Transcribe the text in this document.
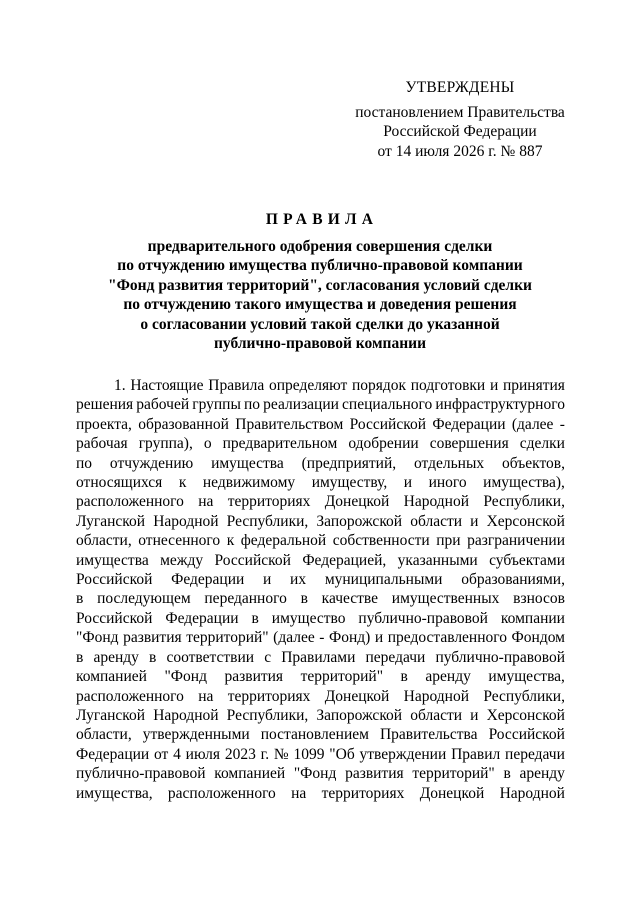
УТВЕРЖДЕНЫ
постановлением Правительства
Российской Федерации
от 14 июля 2026 г. № 887
ПРАВИЛА
предварительного одобрения совершения сделки
по отчуждению имущества публично-правовой компании
"Фонд развития территорий", согласования условий сделки
по отчуждению такого имущества и доведения решения
о согласовании условий такой сделки до указанной
публично-правовой компании
1. Настоящие Правила определяют порядок подготовки и принятия
решения рабочей группы по реализации специального инфраструктурного
проекта, образованной Правительством Российской Федерации (далее -
рабочая группа), о предварительном одобрении совершения сделки
по отчуждению имущества (предприятий, отдельных объектов,
относящихся к недвижимому имуществу, и иного имущества),
расположенного на территориях Донецкой Народной Республики,
Луганской Народной Республики, Запорожской области и Херсонской
области, отнесенного к федеральной собственности при разграничении
имущества между Российской Федерацией, указанными субъектами
Российской Федерации и их муниципальными образованиями,
в последующем переданного в качестве имущественных взносов
Российской Федерации в имущество публично-правовой компании
"Фонд развития территорий" (далее - Фонд) и предоставленного Фондом
в аренду в соответствии с Правилами передачи публично-правовой
компанией "Фонд развития территорий" в аренду имущества,
расположенного на территориях Донецкой Народной Республики,
Луганской Народной Республики, Запорожской области и Херсонской
области, утвержденными постановлением Правительства Российской
Федерации от 4 июля 2023 г. № 1099 "Об утверждении Правил передачи
публично-правовой компанией "Фонд развития территорий" в аренду
имущества, расположенного на территориях Донецкой Народной
